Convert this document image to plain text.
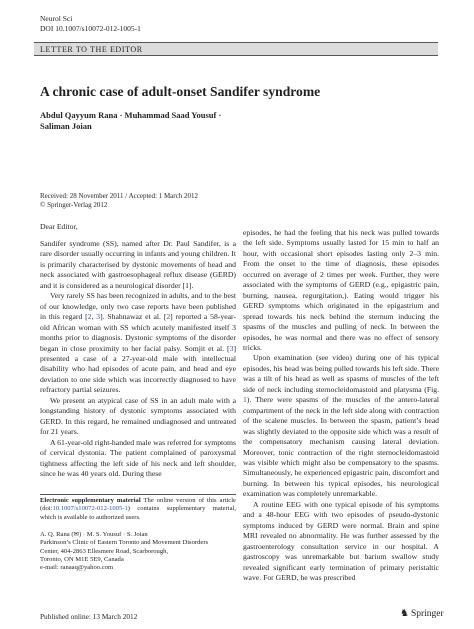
Neurol Sci
DOI 10.1007/s10072-012-1005-1
LETTER TO THE EDITOR
A chronic case of adult-onset Sandifer syndrome
Abdul Qayyum Rana · Muhammad Saad Yousuf ·
Saliman Joian
Received: 28 November 2011 / Accepted: 1 March 2012
© Springer-Verlag 2012
Dear Editor,

Sandifer syndrome (SS), named after Dr. Paul Sandifer, is a rare disorder usually occurring in infants and young children. It is primarily characterised by dystonic movements of head and neck associated with gastroesophageal reflux disease (GERD) and it is considered as a neurological disorder [1].

Very rarely SS has been recognized in adults, and to the best of our knowledge, only two case reports have been published in this regard [2, 3]. Shahnawaz et al. [2] reported a 58-year-old African woman with SS which acutely manifested itself 3 months prior to diagnosis. Dystonic symptoms of the disorder began in close proximity to her facial palsy. Somjit et al. [3] presented a case of a 27-year-old male with intellectual disability who had episodes of acute pain, and head and eye deviation to one side which was incorrectly diagnosed to have refractory partial seizures.

We present an atypical case of SS in an adult male with a longstanding history of dystonic symptoms associated with GERD. In this regard, he remained undiagnosed and untreated for 21 years.

A 61-year-old right-handed male was referred for symptoms of cervical dystonia. The patient complained of paroxysmal tightness affecting the left side of his neck and left shoulder, since he was 40 years old. During these

Electronic supplementary material The online version of this article (doi:10.1007/s10072-012-1005-1) contains supplementary material, which is available to authorized users.
A. Q. Rana (✉) · M. S. Yousuf · S. Joian
Parkinson’s Clinic of Eastern Toronto and Movement Disorders
Center, 404-2863 Ellesmere Road, Scarborough,
Toronto, ON M1E 5E9, Canada
e-mail: ranaaq@yahoo.com

episodes, he had the feeling that his neck was pulled towards the left side. Symptoms usually lasted for 15 min to half an hour, with occasional short episodes lasting only 2–3 min. From the onset to the time of diagnosis, these episodes occurred on average of 2 times per week. Further, they were associated with the symptoms of GERD (e.g., epigastric pain, burning, nausea, regurgitation,). Eating would trigger his GERD symptoms which originated in the epigastrium and spread towards his neck behind the sternum inducing the spasms of the muscles and pulling of neck. In between the episodes, he was normal and there was no effect of sensory tricks.

Upon examination (see video) during one of his typical episodes, his head was being pulled towards his left side. There was a tilt of his head as well as spasms of muscles of the left side of neck including sternocleidomastoid and platysma (Fig. 1). There were spasms of the muscles of the antero-lateral compartment of the neck in the left side along with contraction of the scalene muscles. In between the spasm, patient’s head was slightly deviated to the opposite side which was a result of the compensatory mechanism causing lateral deviation. Moreover, tonic contraction of the right sternocleidomastoid was visible which might also be compensatory to the spasms. Simultaneously, he experienced epigastric pain, discomfort and burning. In between his typical episodes, his neurological examination was completely unremarkable.

A routine EEG with one typical episode of his symptoms and a 48-hour EEG with two episodes of pseudo-dystonic symptoms induced by GERD were normal. Brain and spine MRI revealed no abnormality. He was further assessed by the gastroenterology consultation service in our hospital. A gastroscopy was unremarkable but barium swallow study revealed significant early termination of primary peristaltic wave. For GERD, he was prescribed

Published online: 13 March 2012	♞ Springer
